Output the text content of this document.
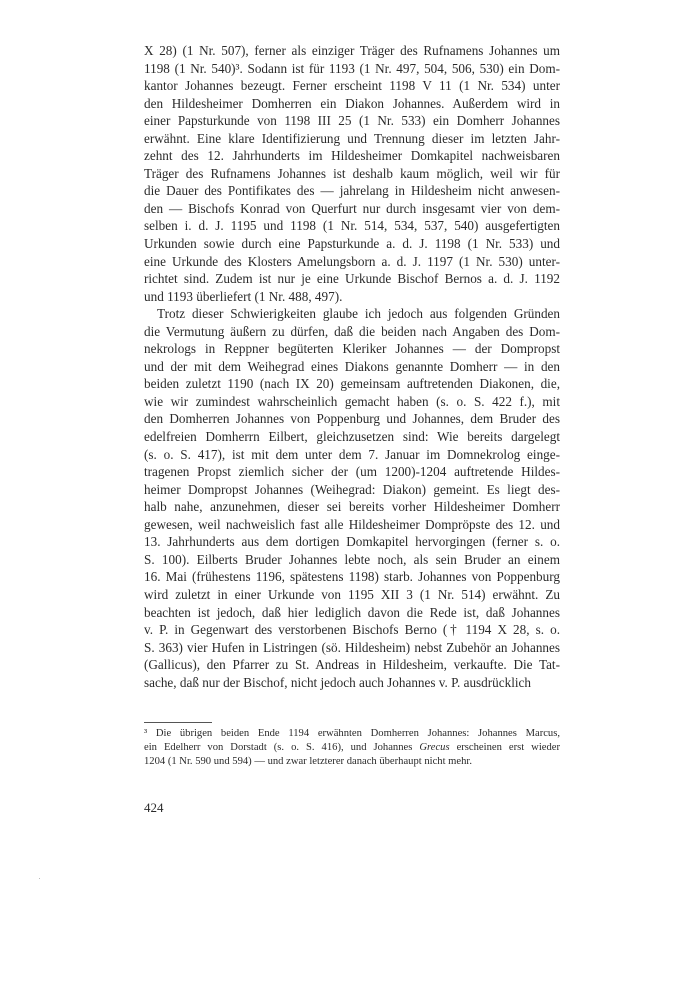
X 28) (1 Nr. 507), ferner als einziger Träger des Rufnamens Johannes um
1198 (1 Nr. 540)³. Sodann ist für 1193 (1 Nr. 497, 504, 506, 530) ein Dom-
kantor Johannes bezeugt. Ferner erscheint 1198 V 11 (1 Nr. 534) unter
den Hildesheimer Domherren ein Diakon Johannes. Außerdem wird in
einer Papsturkunde von 1198 III 25 (1 Nr. 533) ein Domherr Johannes
erwähnt. Eine klare Identifizierung und Trennung dieser im letzten Jahr-
zehnt des 12. Jahrhunderts im Hildesheimer Domkapitel nachweisbaren
Träger des Rufnamens Johannes ist deshalb kaum möglich, weil wir für
die Dauer des Pontifikates des — jahrelang in Hildesheim nicht anwesen-
den — Bischofs Konrad von Querfurt nur durch insgesamt vier von dem-
selben i. d. J. 1195 und 1198 (1 Nr. 514, 534, 537, 540) ausgefertigten
Urkunden sowie durch eine Papsturkunde a. d. J. 1198 (1 Nr. 533) und
eine Urkunde des Klosters Amelungsborn a. d. J. 1197 (1 Nr. 530) unter-
richtet sind. Zudem ist nur je eine Urkunde Bischof Bernos a. d. J. 1192
und 1193 überliefert (1 Nr. 488, 497).
Trotz dieser Schwierigkeiten glaube ich jedoch aus folgenden Gründen
die Vermutung äußern zu dürfen, daß die beiden nach Angaben des Dom-
nekrologs in Reppner begüterten Kleriker Johannes — der Dompropst
und der mit dem Weihegrad eines Diakons genannte Domherr — in den
beiden zuletzt 1190 (nach IX 20) gemeinsam auftretenden Diakonen, die,
wie wir zumindest wahrscheinlich gemacht haben (s. o. S. 422 f.), mit
den Domherren Johannes von Poppenburg und Johannes, dem Bruder des
edelfreien Domherrn Eilbert, gleichzusetzen sind: Wie bereits dargelegt
(s. o. S. 417), ist mit dem unter dem 7. Januar im Domnekrolog einge-
tragenen Propst ziemlich sicher der (um 1200)-1204 auftretende Hildes-
heimer Dompropst Johannes (Weihegrad: Diakon) gemeint. Es liegt des-
halb nahe, anzunehmen, dieser sei bereits vorher Hildesheimer Domherr
gewesen, weil nachweislich fast alle Hildesheimer Dompröpste des 12. und
13. Jahrhunderts aus dem dortigen Domkapitel hervorgingen (ferner s. o.
S. 100). Eilberts Bruder Johannes lebte noch, als sein Bruder an einem
16. Mai (frühestens 1196, spätestens 1198) starb. Johannes von Poppenburg
wird zuletzt in einer Urkunde von 1195 XII 3 (1 Nr. 514) erwähnt. Zu
beachten ist jedoch, daß hier lediglich davon die Rede ist, daß Johannes
v. P. in Gegenwart des verstorbenen Bischofs Berno († 1194 X 28, s. o.
S. 363) vier Hufen in Listringen (sö. Hildesheim) nebst Zubehör an Johannes
(Gallicus), den Pfarrer zu St. Andreas in Hildesheim, verkaufte. Die Tat-
sache, daß nur der Bischof, nicht jedoch auch Johannes v. P. ausdrücklich
³ Die übrigen beiden Ende 1194 erwähnten Domherren Johannes: Johannes Marcus,
ein Edelherr von Dorstadt (s. o. S. 416), und Johannes Grecus erscheinen erst wieder
1204 (1 Nr. 590 und 594) — und zwar letzterer danach überhaupt nicht mehr.
424
